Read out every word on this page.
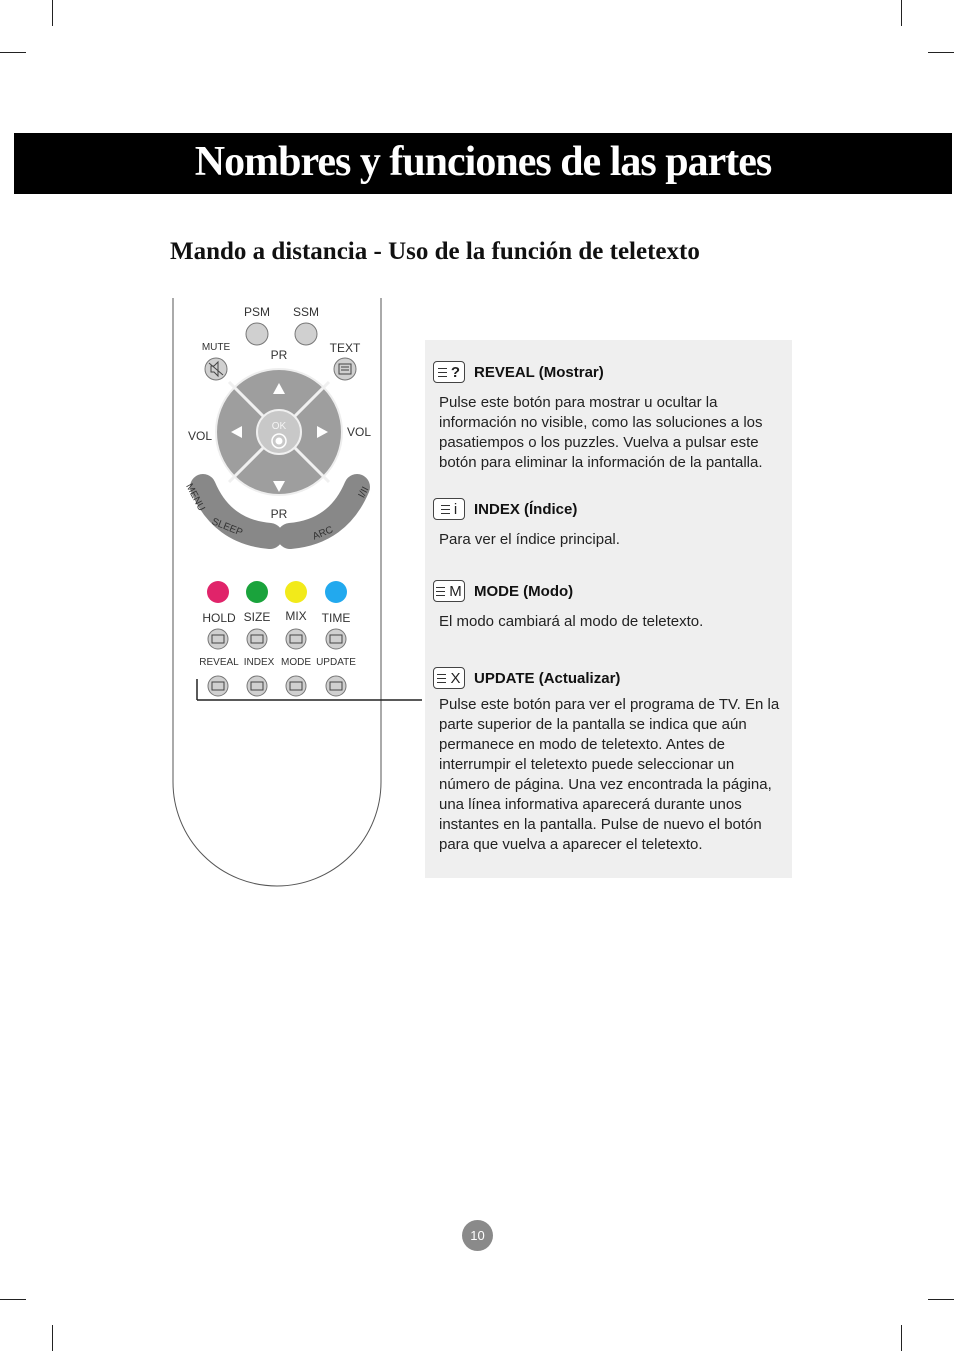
Nombres y funciones de las partes
Mando a distancia - Uso de la función de teletexto
PSM SSM
MUTE	TEXT
PR
PR
VOL	VOL
OK
MENU
SLEEP	ARC
I/II
HOLD SIZE MIX TIME
REVEAL INDEX MODE UPDATE
? REVEAL (Mostrar)

Pulse este botón para mostrar u ocultar la información no visible, como las soluciones a los pasatiempos o los puzzles. Vuelva a pulsar este botón para eliminar la información de la pantalla.

i INDEX (Índice)

Para ver el índice principal.

M MODE (Modo)

El modo cambiará al modo de teletexto.

X UPDATE (Actualizar)

Pulse este botón para ver el programa de TV. En la parte superior de la pantalla se indica que aún permanece en modo de teletexto. Antes de interrumpir el teletexto puede seleccionar un número de página. Una vez encontrada la página, una línea informativa aparecerá durante unos instantes en la pantalla. Pulse de nuevo el botón para que vuelva a aparecer el teletexto.

10
